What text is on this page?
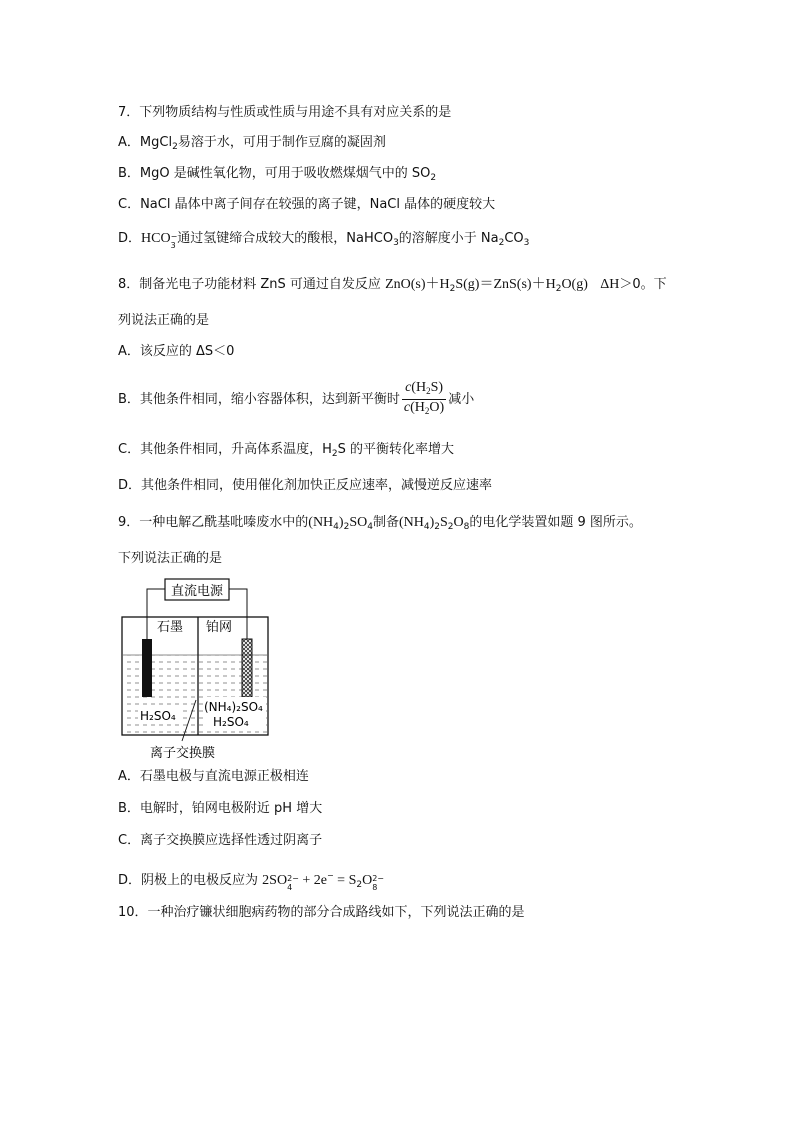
7．下列物质结构与性质或性质与用途不具有对应关系的是
A．MgCl$_2$易溶于水，可用于制作豆腐的凝固剂
B．MgO 是碱性氧化物，可用于吸收燃煤烟气中的 $SO_2$
C．NaCl 晶体中离子间存在较强的离子键，NaCl 晶体的硬度较大
D．HCO −
3 通过氢键缔合成较大的酸根，NaHCO$_3$的溶解度小于 $Na_2CO_3$
8．制备光电子功能材料 ZnS 可通过自发反应 $ZnO(s)+H_2S(g)=ZnS(s)+H_2O(g)$ ΔH＞0。下
列说法正确的是
A．该反应的 ΔS＜0
B．其他条件相同，缩小容器体积，达到新平衡时 $\frac{c(H_2S)}{c(H_2O)}$ 减小
C．其他条件相同，升高体系温度，$H_2S$ 的平衡转化率增大
D．其他条件相同，使用催化剂加快正反应速率，减慢逆反应速率
9．一种电解乙酰基吡嗪废水中的$(NH_4)_2SO_4$制备$(NH_4)_2S_2O_8$的电化学装置如题 9 图所示。
下列说法正确的是
直流电源
石墨 铂网
H₂SO₄
(NH₄)₂SO₄
H₂SO₄
离子交换膜
A．石墨电极与直流电源正极相连
B．电解时，铂网电极附近 pH 增大
C．离子交换膜应选择性透过阴离子
D．阴极上的电极反应为 2SO 2−
$4 + 2e^- = S_2O$ 2−
8
10．一种治疗镰状细胞病药物的部分合成路线如下，下列说法正确的是
